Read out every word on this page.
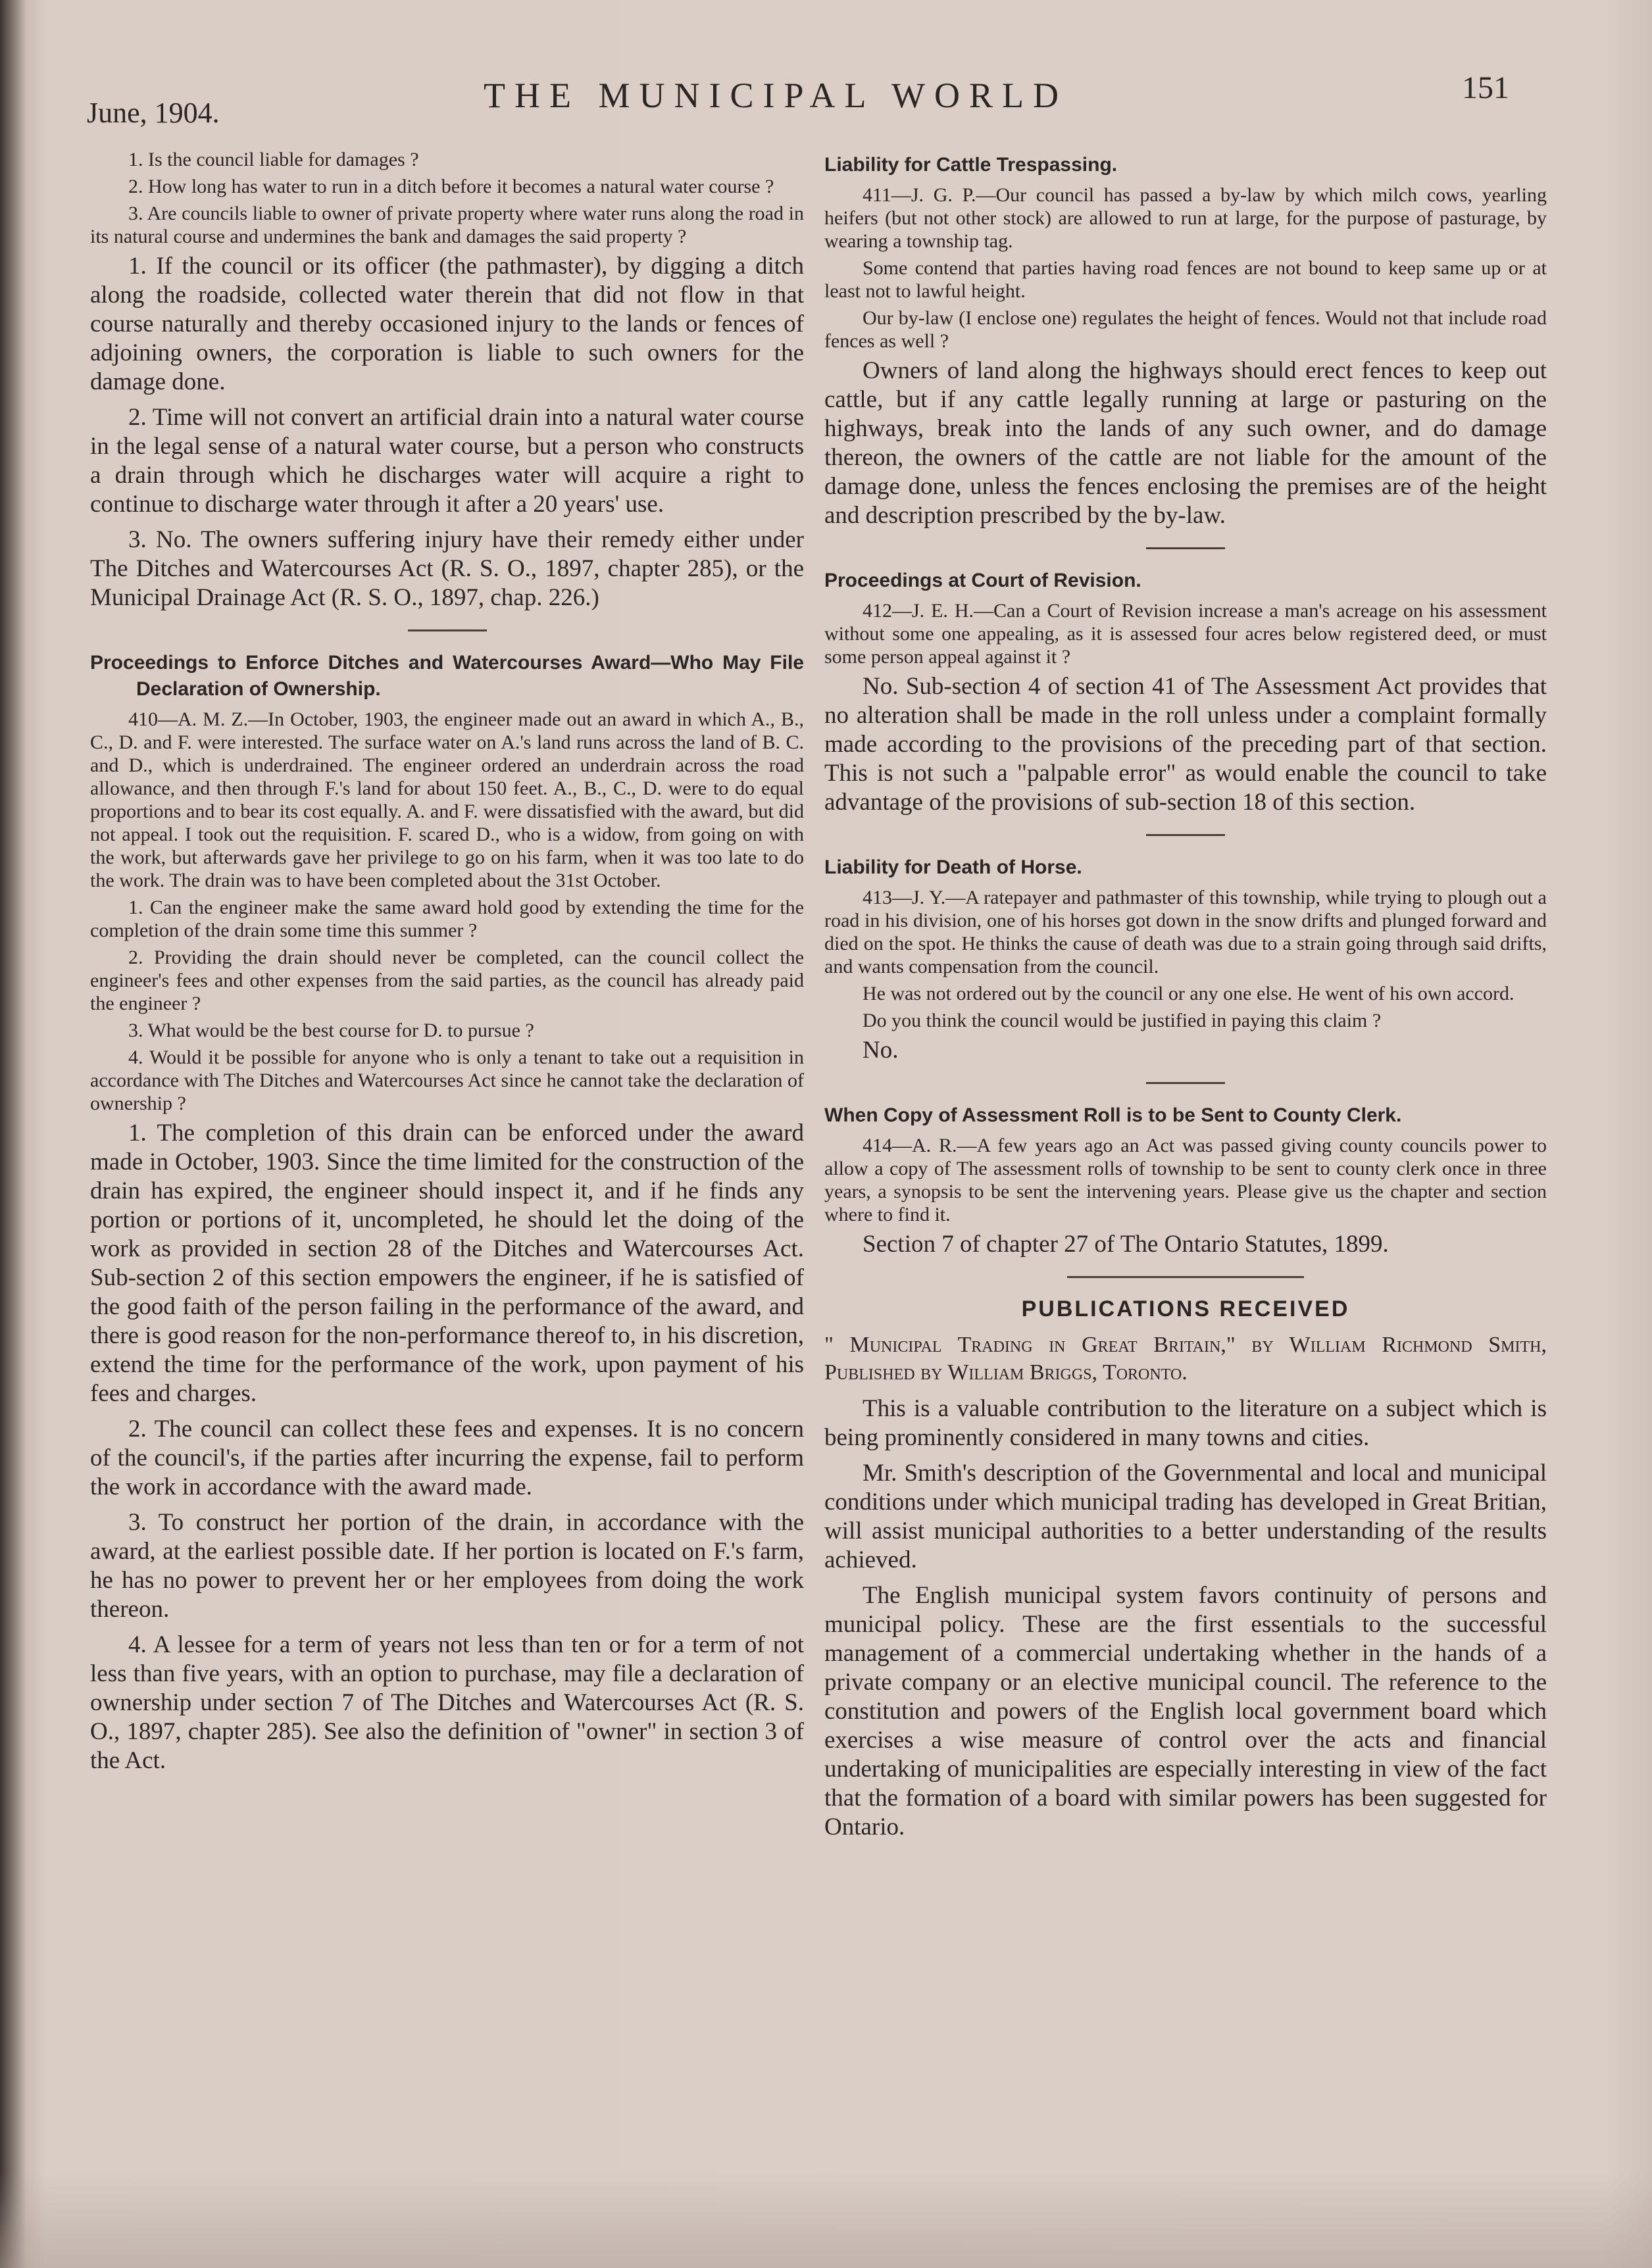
June, 1904.	THE MUNICIPAL WORLD	151

1. Is the council liable for damages ?

2. How long has water to run in a ditch before it becomes a natural water course ?

3. Are councils liable to owner of private property where water runs along the road in its natural course and undermines the bank and damages the said property ?

1. If the council or its officer (the pathmaster), by digging a ditch along the roadside, collected water therein that did not flow in that course naturally and thereby occasioned injury to the lands or fences of adjoining owners, the corporation is liable to such owners for the damage done.

2. Time will not convert an artificial drain into a natural water course in the legal sense of a natural water course, but a person who constructs a drain through which he discharges water will acquire a right to continue to discharge water through it after a 20 years' use.

3. No. The owners suffering injury have their remedy either under The Ditches and Watercourses Act (R. S. O., 1897, chapter 285), or the Municipal Drainage Act (R. S. O., 1897, chap. 226.)

Proceedings to Enforce Ditches and Watercourses Award—Who May File Declaration of Ownership.

410—A. M. Z.—In October, 1903, the engineer made out an award in which A., B., C., D. and F. were interested. The surface water on A.'s land runs across the land of B. C. and D., which is underdrained. The engineer ordered an underdrain across the road allowance, and then through F.'s land for about 150 feet. A., B., C., D. were to do equal proportions and to bear its cost equally. A. and F. were dissatisfied with the award, but did not appeal. I took out the requisition. F. scared D., who is a widow, from going on with the work, but afterwards gave her privilege to go on his farm, when it was too late to do the work. The drain was to have been completed about the 31st October.

1. Can the engineer make the same award hold good by extending the time for the completion of the drain some time this summer ?

2. Providing the drain should never be completed, can the council collect the engineer's fees and other expenses from the said parties, as the council has already paid the engineer ?

3. What would be the best course for D. to pursue ?

4. Would it be possible for anyone who is only a tenant to take out a requisition in accordance with The Ditches and Watercourses Act since he cannot take the declaration of ownership ?

1. The completion of this drain can be enforced under the award made in October, 1903. Since the time limited for the construction of the drain has expired, the engineer should inspect it, and if he finds any portion or portions of it, uncompleted, he should let the doing of the work as provided in section 28 of the Ditches and Watercourses Act. Sub-section 2 of this section empowers the engineer, if he is satisfied of the good faith of the person failing in the performance of the award, and there is good reason for the non-performance thereof to, in his discretion, extend the time for the performance of the work, upon payment of his fees and charges.

2. The council can collect these fees and expenses. It is no concern of the council's, if the parties after incurring the expense, fail to perform the work in accordance with the award made.

3. To construct her portion of the drain, in accordance with the award, at the earliest possible date. If her portion is located on F.'s farm, he has no power to prevent her or her employees from doing the work thereon.

4. A lessee for a term of years not less than ten or for a term of not less than five years, with an option to purchase, may file a declaration of ownership under section 7 of The Ditches and Watercourses Act (R. S. O., 1897, chapter 285). See also the definition of "owner" in section 3 of the Act.

Liability for Cattle Trespassing.

411—J. G. P.—Our council has passed a by-law by which milch cows, yearling heifers (but not other stock) are allowed to run at large, for the purpose of pasturage, by wearing a township tag.

Some contend that parties having road fences are not bound to keep same up or at least not to lawful height.

Our by-law (I enclose one) regulates the height of fences. Would not that include road fences as well ?

Owners of land along the highways should erect fences to keep out cattle, but if any cattle legally running at large or pasturing on the highways, break into the lands of any such owner, and do damage thereon, the owners of the cattle are not liable for the amount of the damage done, unless the fences enclosing the premises are of the height and description prescribed by the by-law.

Proceedings at Court of Revision.

412—J. E. H.—Can a Court of Revision increase a man's acreage on his assessment without some one appealing, as it is assessed four acres below registered deed, or must some person appeal against it ?

No. Sub-section 4 of section 41 of The Assessment Act provides that no alteration shall be made in the roll unless under a complaint formally made according to the provisions of the preceding part of that section. This is not such a "palpable error" as would enable the council to take advantage of the provisions of sub-section 18 of this section.

Liability for Death of Horse.

413—J. Y.—A ratepayer and pathmaster of this township, while trying to plough out a road in his division, one of his horses got down in the snow drifts and plunged forward and died on the spot. He thinks the cause of death was due to a strain going through said drifts, and wants compensation from the council.

He was not ordered out by the council or any one else. He went of his own accord.

Do you think the council would be justified in paying this claim ?

No.

When Copy of Assessment Roll is to be Sent to County Clerk.

414—A. R.—A few years ago an Act was passed giving county councils power to allow a copy of The assessment rolls of township to be sent to county clerk once in three years, a synopsis to be sent the intervening years. Please give us the chapter and section where to find it.

Section 7 of chapter 27 of The Ontario Statutes, 1899.

PUBLICATIONS RECEIVED

" Municipal Trading in Great Britain," by William Richmond Smith, Published by William Briggs, Toronto.

This is a valuable contribution to the literature on a subject which is being prominently considered in many towns and cities.

Mr. Smith's description of the Governmental and local and municipal conditions under which municipal trading has developed in Great Britian, will assist municipal authorities to a better understanding of the results achieved.

The English municipal system favors continuity of persons and municipal policy. These are the first essentials to the successful management of a commercial undertaking whether in the hands of a private company or an elective municipal council. The reference to the constitution and powers of the English local government board which exercises a wise measure of control over the acts and financial undertaking of municipalities are especially interesting in view of the fact that the formation of a board with similar powers has been suggested for Ontario.
